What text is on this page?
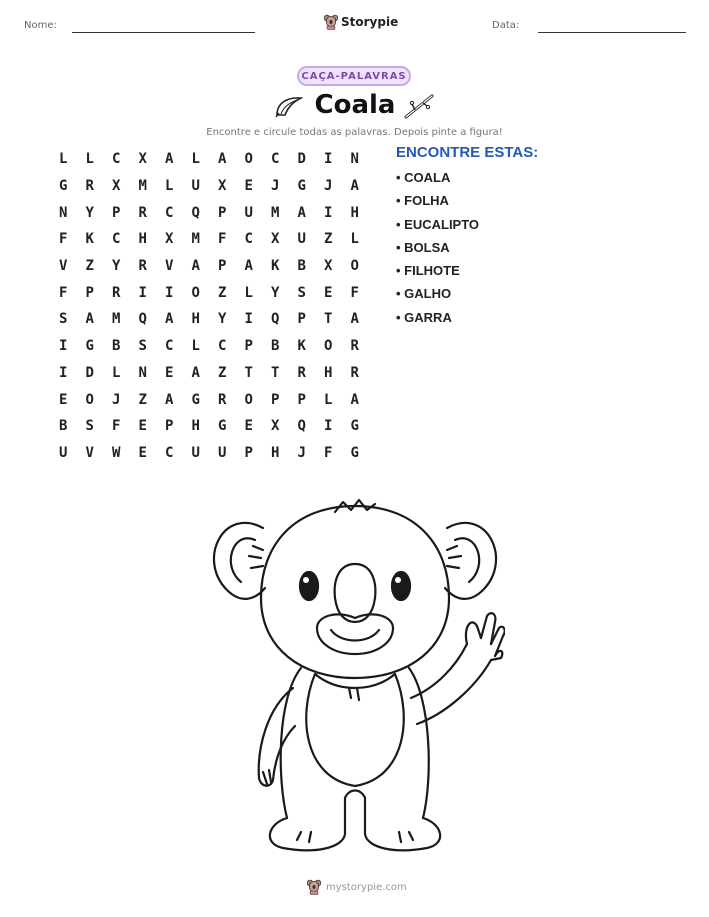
Nome:	Storypie	Data:
CAÇA-PALAVRAS
Coala
Encontre e circule todas as palavras. Depois pinte a figura!
L	L	C	X	A	L	A	O	C	D	I	N
G	R	X	M	L	U	X	E	J	G	J	A
N	Y	P	R	C	Q	P	U	M	A	I	H
F	K	C	H	X	M	F	C	X	U	Z	L
V	Z	Y	R	V	A	P	A	K	B	X	O
F	P	R	I	I	O	Z	L	Y	S	E	F
S	A	M	Q	A	H	Y	I	Q	P	T	A
I	G	B	S	C	L	C	P	B	K	O	R
I	D	L	N	E	A	Z	T	T	R	H	R
E	O	J	Z	A	G	R	O	P	P	L	A
B	S	F	E	P	H	G	E	X	Q	I	G
U	V	W	E	C	U	U	P	H	J	F	G
ENCONTRE ESTAS:
• COALA
• FOLHA
• EUCALIPTO
• BOLSA
• FILHOTE
• GALHO
• GARRA
mystorypie.com
